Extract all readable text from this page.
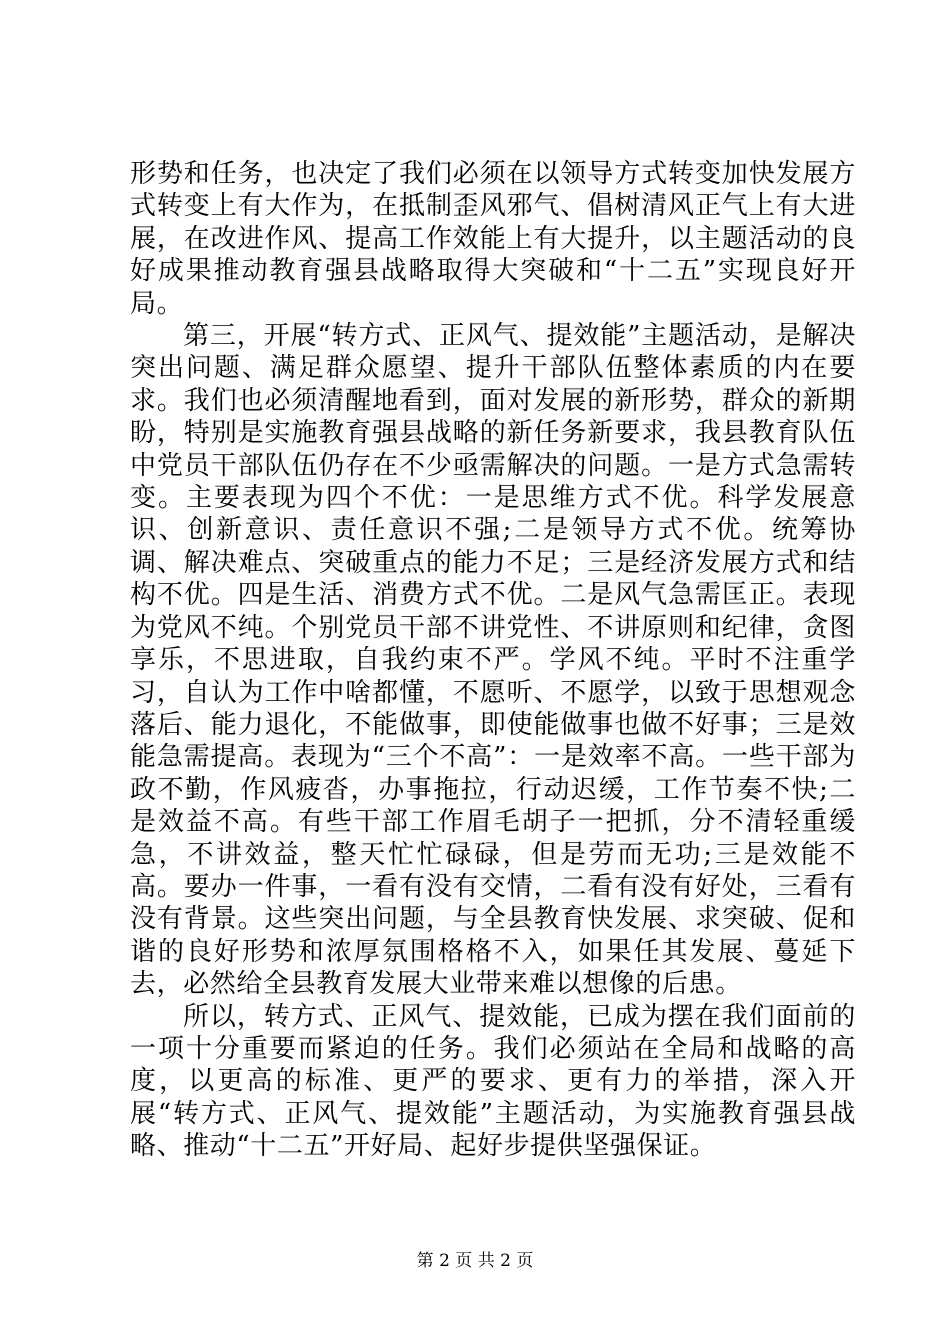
形势和任务，也决定了我们必须在以领导方式转变加快发展方式转变上有大作为，在抵制歪风邪气、倡树清风正气上有大进展，在改进作风、提高工作效能上有大提升，以主题活动的良好成果推动教育强县战略取得大突破和“十二五”实现良好开局。

第三，开展“转方式、正风气、提效能”主题活动，是解决突出问题、满足群众愿望、提升干部队伍整体素质的内在要求。我们也必须清醒地看到，面对发展的新形势，群众的新期盼，特别是实施教育强县战略的新任务新要求，我县教育队伍中党员干部队伍仍存在不少亟需解决的问题。一是方式急需转变。主要表现为四个不优：一是思维方式不优。科学发展意识、创新意识、责任意识不强;二是领导方式不优。统筹协调、解决难点、突破重点的能力不足；三是经济发展方式和结构不优。四是生活、消费方式不优。二是风气急需匡正。表现为党风不纯。个别党员干部不讲党性、不讲原则和纪律，贪图享乐，不思进取，自我约束不严。学风不纯。平时不注重学习，自认为工作中啥都懂，不愿听、不愿学，以致于思想观念落后、能力退化，不能做事，即使能做事也做不好事；三是效能急需提高。表现为“三个不高”：一是效率不高。一些干部为政不勤，作风疲沓，办事拖拉，行动迟缓，工作节奏不快;二是效益不高。有些干部工作眉毛胡子一把抓，分不清轻重缓急，不讲效益，整天忙忙碌碌，但是劳而无功;三是效能不高。要办一件事，一看有没有交情，二看有没有好处，三看有没有背景。这些突出问题，与全县教育快发展、求突破、促和谐的良好形势和浓厚氛围格格不入，如果任其发展、蔓延下去，必然给全县教育发展大业带来难以想像的后患。

所以，转方式、正风气、提效能，已成为摆在我们面前的一项十分重要而紧迫的任务。我们必须站在全局和战略的高度，以更高的标准、更严的要求、更有力的举措，深入开展“转方式、正风气、提效能”主题活动，为实施教育强县战略、推动“十二五”开好局、起好步提供坚强保证。

第 2 页 共 2 页
